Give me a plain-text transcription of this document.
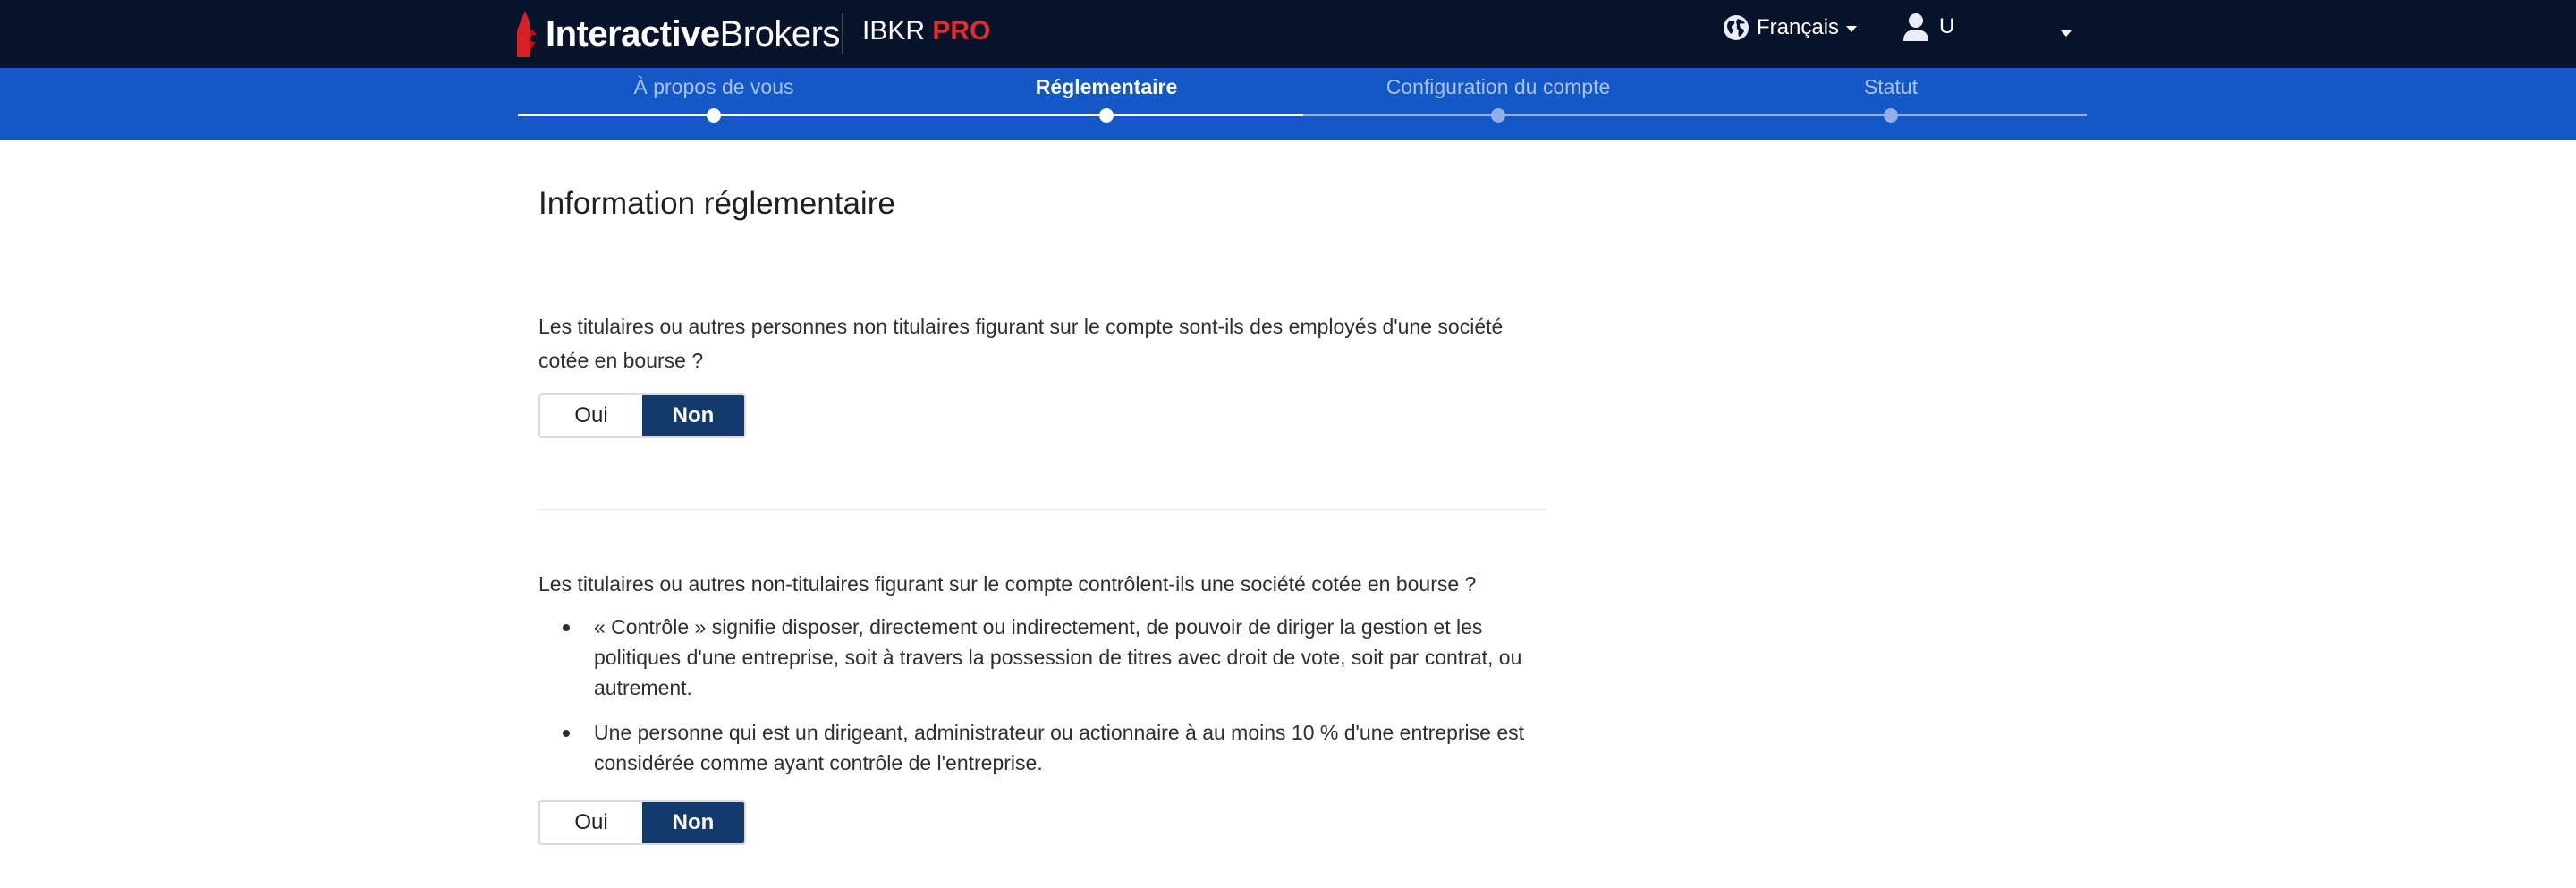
InteractiveBrokers IBKR PRO	Français	U
À propos de vous	Réglementaire	Configuration du compte	Statut
Information réglementaire
Les titulaires ou autres personnes non titulaires figurant sur le compte sont-ils des employés d'une société cotée en bourse ?
Oui	Non
Les titulaires ou autres non-titulaires figurant sur le compte contrôlent-ils une société cotée en bourse ?
« Contrôle » signifie disposer, directement ou indirectement, de pouvoir de diriger la gestion et les politiques d'une entreprise, soit à travers la possession de titres avec droit de vote, soit par contrat, ou autrement.
Une personne qui est un dirigeant, administrateur ou actionnaire à au moins 10 % d'une entreprise est considérée comme ayant contrôle de l'entreprise.
Oui	Non
